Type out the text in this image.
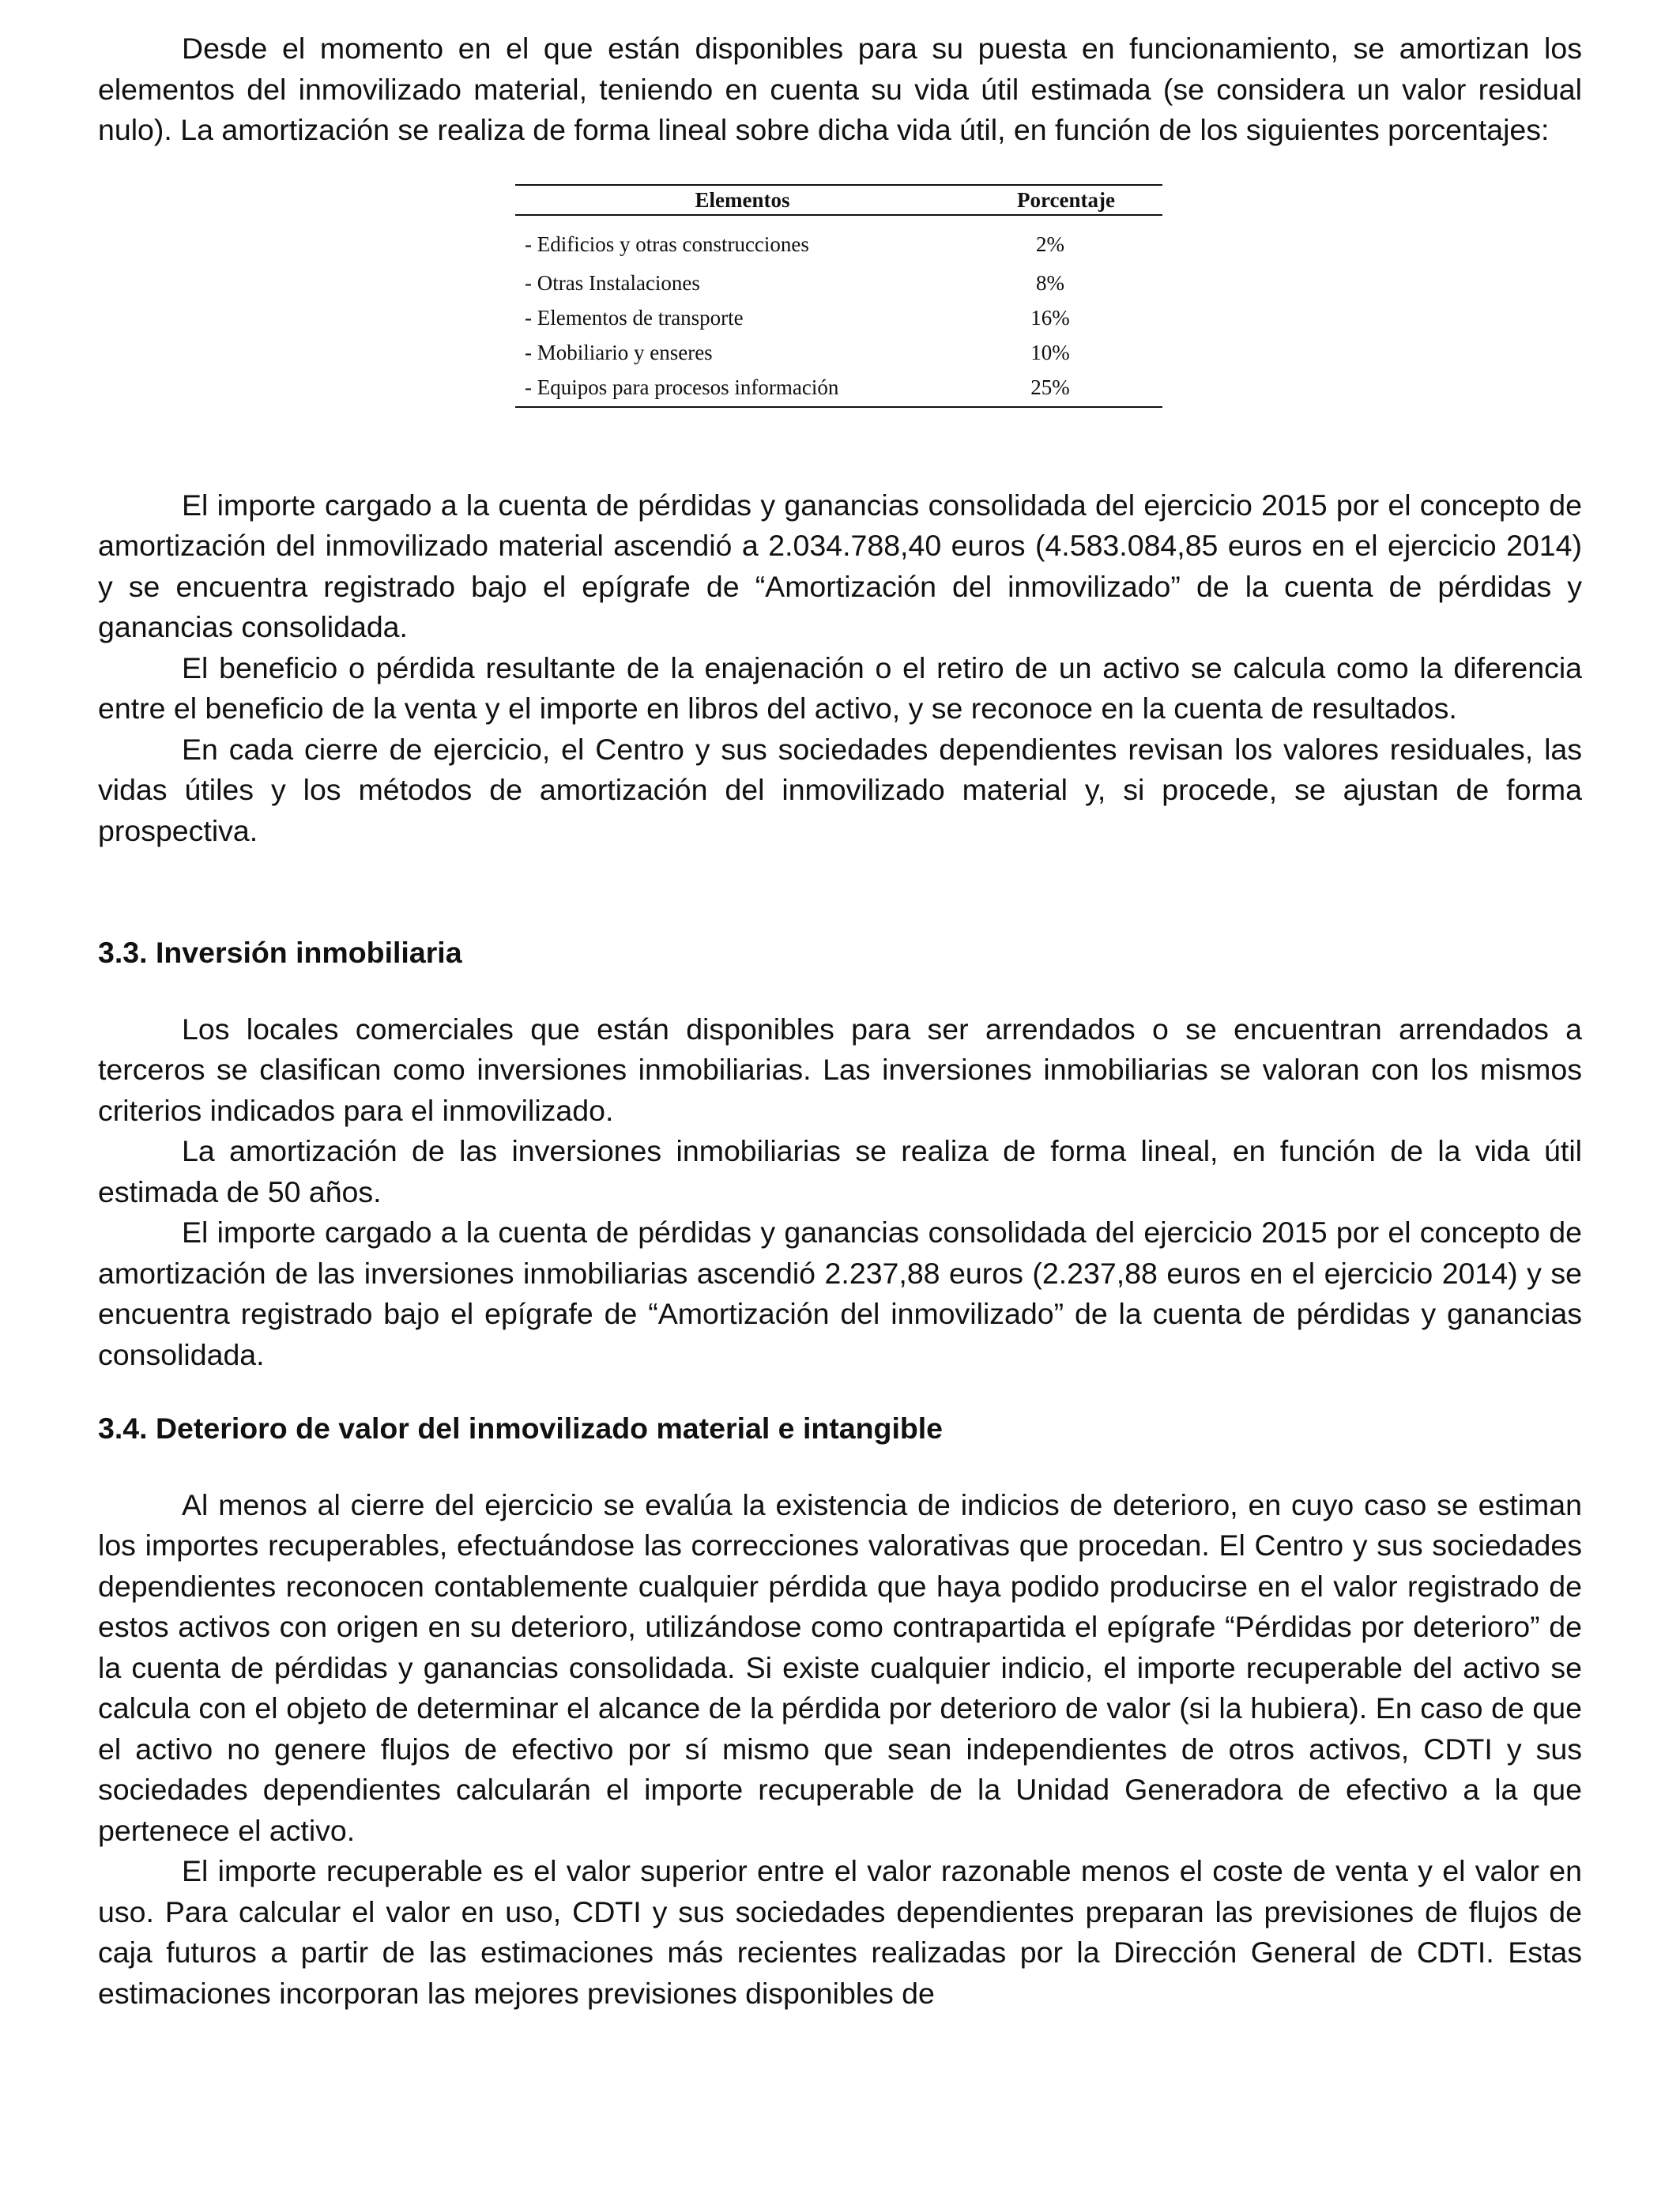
Desde el momento en el que están disponibles para su puesta en funcionamiento, se amortizan los elementos del inmovilizado material, teniendo en cuenta su vida útil estimada (se considera un valor residual nulo). La amortización se realiza de forma lineal sobre dicha vida útil, en función de los siguientes porcentajes:

Elementos	Porcentaje
- Edificios y otras construcciones	2%
- Otras Instalaciones	8%
- Elementos de transporte	16%
- Mobiliario y enseres	10%
- Equipos para procesos información	25%

El importe cargado a la cuenta de pérdidas y ganancias consolidada del ejercicio 2015 por el concepto de amortización del inmovilizado material ascendió a 2.034.788,40 euros (4.583.084,85 euros en el ejercicio 2014) y se encuentra registrado bajo el epígrafe de “Amortización del inmovilizado” de la cuenta de pérdidas y ganancias consolidada.

El beneficio o pérdida resultante de la enajenación o el retiro de un activo se calcula como la diferencia entre el beneficio de la venta y el importe en libros del activo, y se reconoce en la cuenta de resultados.

En cada cierre de ejercicio, el Centro y sus sociedades dependientes revisan los valores residuales, las vidas útiles y los métodos de amortización del inmovilizado material y, si procede, se ajustan de forma prospectiva.

3.3. Inversión inmobiliaria

Los locales comerciales que están disponibles para ser arrendados o se encuentran arrendados a terceros se clasifican como inversiones inmobiliarias. Las inversiones inmobiliarias se valoran con los mismos criterios indicados para el inmovilizado.

La amortización de las inversiones inmobiliarias se realiza de forma lineal, en función de la vida útil estimada de 50 años.

El importe cargado a la cuenta de pérdidas y ganancias consolidada del ejercicio 2015 por el concepto de amortización de las inversiones inmobiliarias ascendió 2.237,88 euros (2.237,88 euros en el ejercicio 2014) y se encuentra registrado bajo el epígrafe de “Amortización del inmovilizado” de la cuenta de pérdidas y ganancias consolidada.

3.4. Deterioro de valor del inmovilizado material e intangible

Al menos al cierre del ejercicio se evalúa la existencia de indicios de deterioro, en cuyo caso se estiman los importes recuperables, efectuándose las correcciones valorativas que procedan. El Centro y sus sociedades dependientes reconocen contablemente cualquier pérdida que haya podido producirse en el valor registrado de estos activos con origen en su deterioro, utilizándose como contrapartida el epígrafe “Pérdidas por deterioro” de la cuenta de pérdidas y ganancias consolidada. Si existe cualquier indicio, el importe recuperable del activo se calcula con el objeto de determinar el alcance de la pérdida por deterioro de valor (si la hubiera). En caso de que el activo no genere flujos de efectivo por sí mismo que sean independientes de otros activos, CDTI y sus sociedades dependientes calcularán el importe recuperable de la Unidad Generadora de efectivo a la que pertenece el activo.

El importe recuperable es el valor superior entre el valor razonable menos el coste de venta y el valor en uso. Para calcular el valor en uso, CDTI y sus sociedades dependientes preparan las previsiones de flujos de caja futuros a partir de las estimaciones más recientes realizadas por la Dirección General de CDTI. Estas estimaciones incorporan las mejores previsiones disponibles de
